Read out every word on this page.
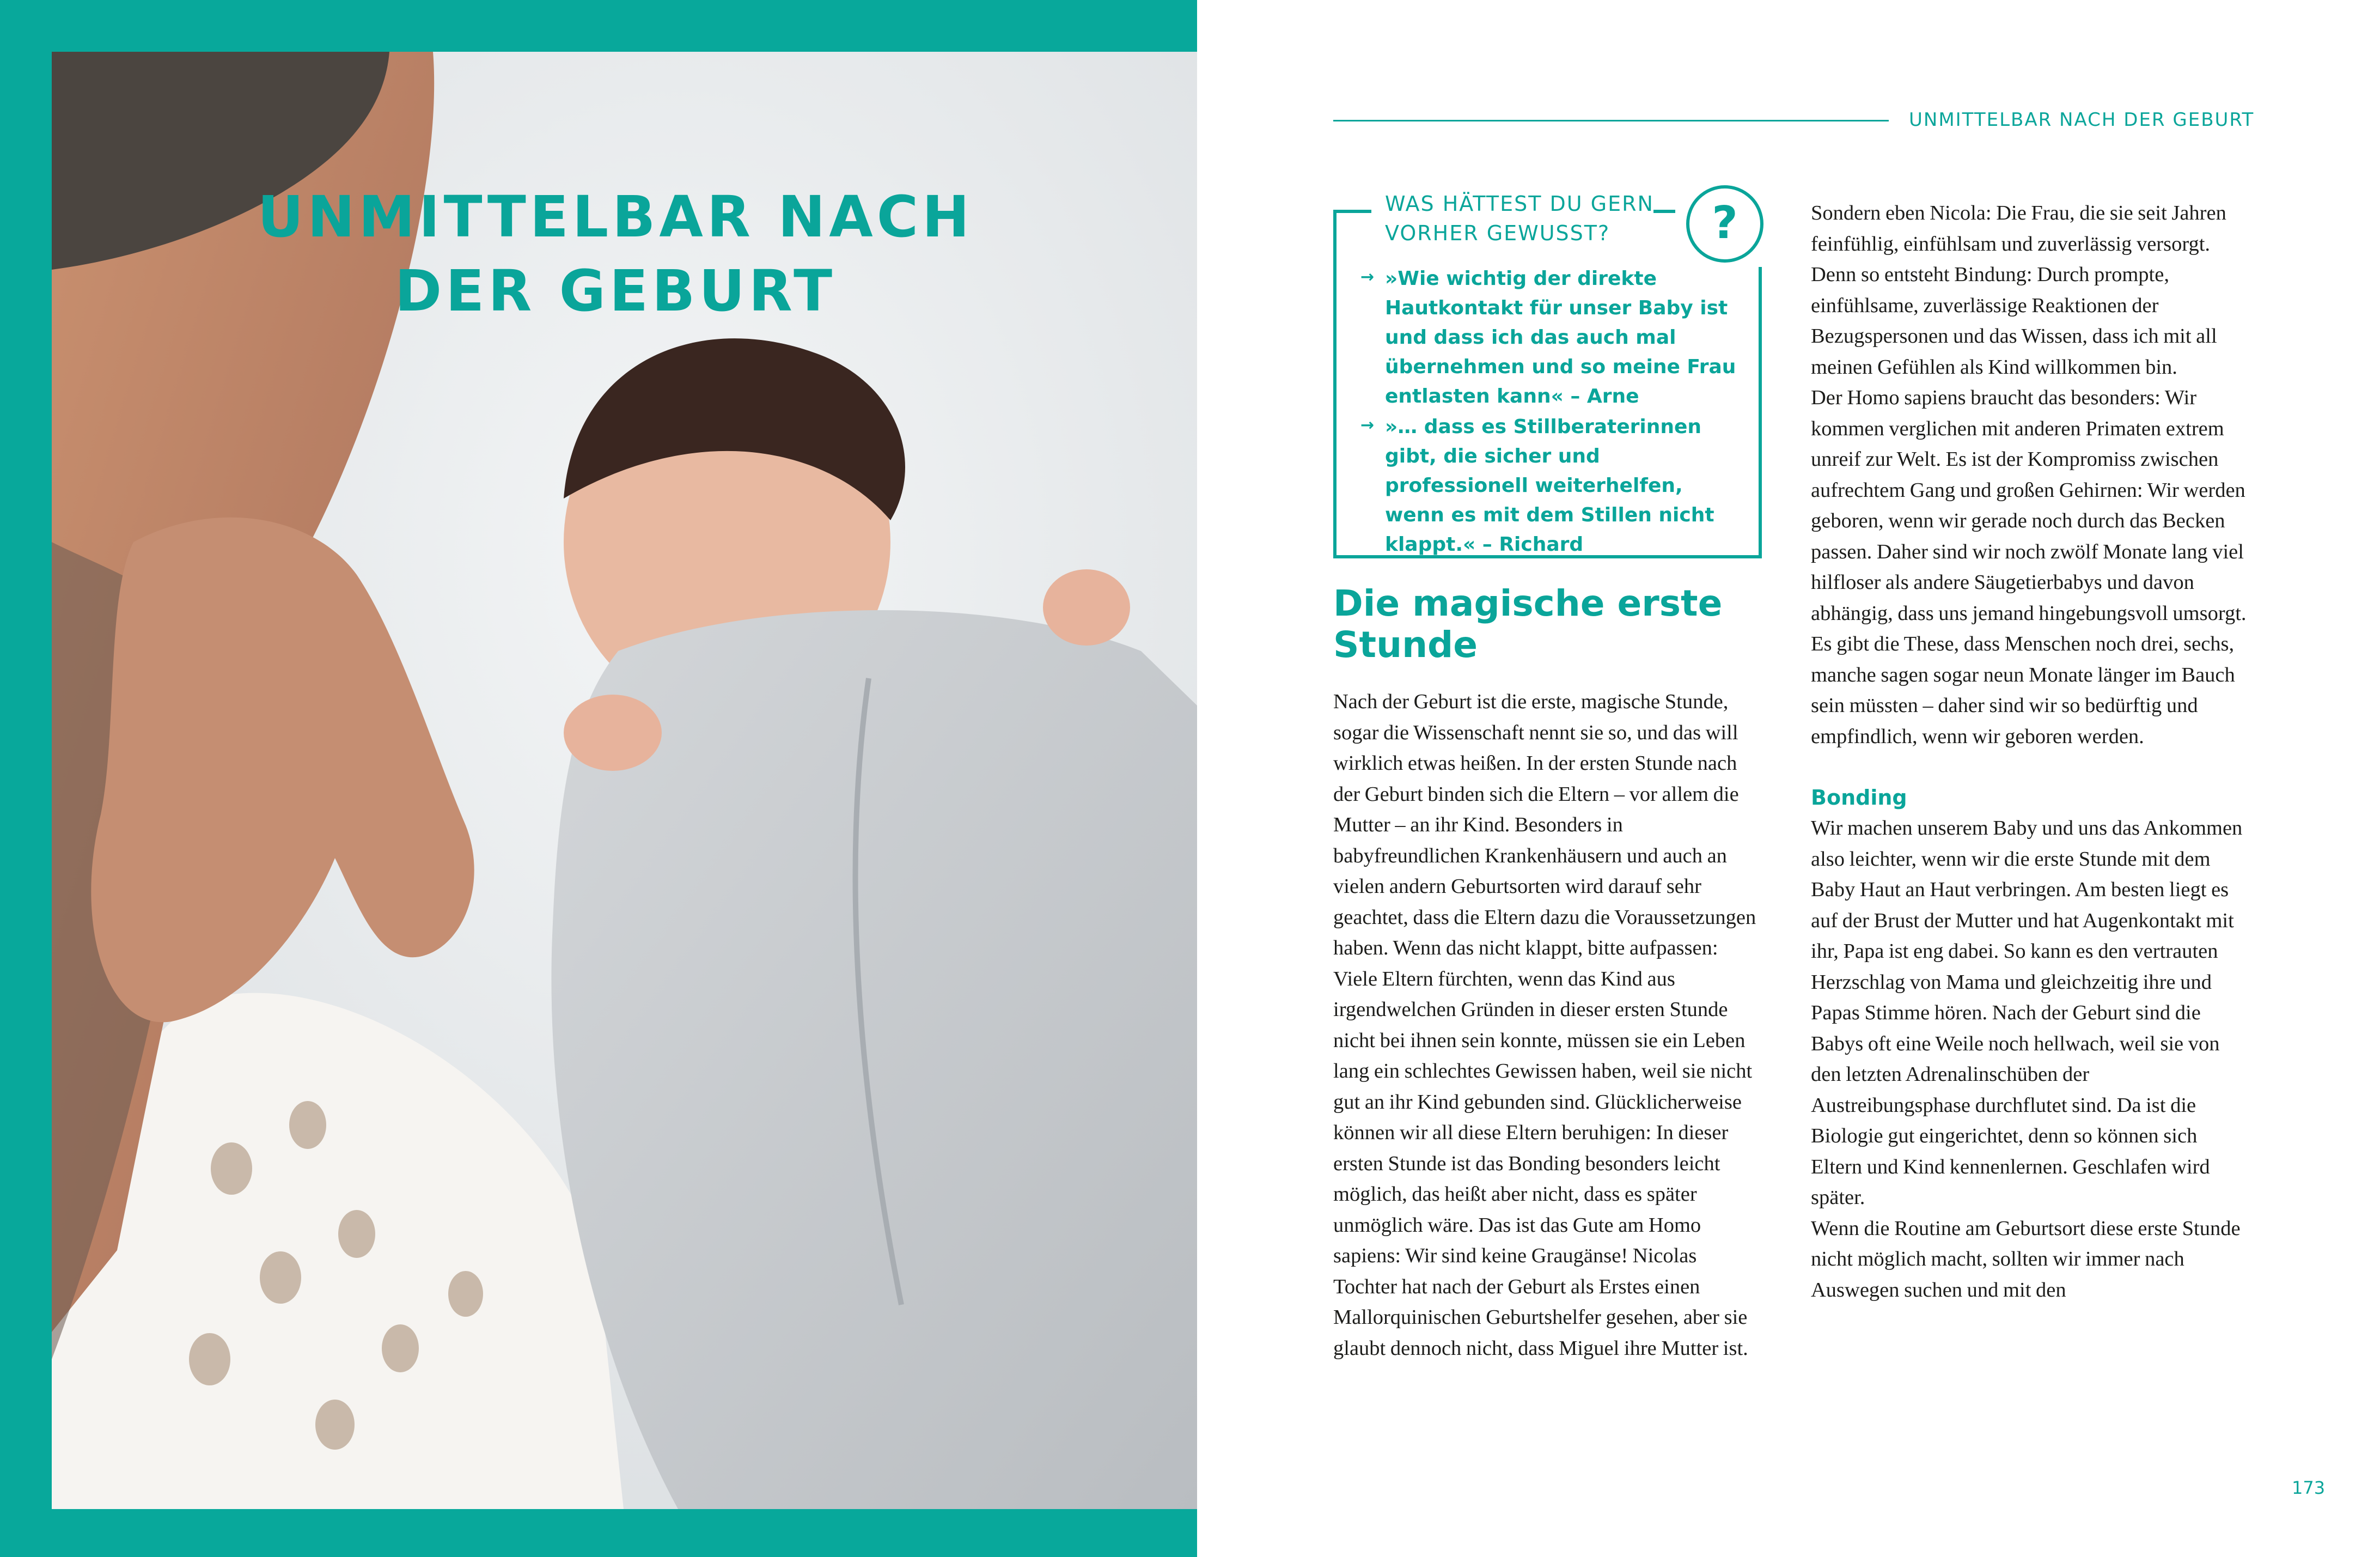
UNMITTELBAR NACH
DER GEBURT
UNMITTELBAR NACH DER GEBURT
WAS HÄTTEST DU GERN VORHER GEWUSST?	?
→ »Wie wichtig der direkte Hautkontakt für unser Baby ist und dass ich das auch mal übernehmen und so meine Frau entlasten kann« – Arne
→ »… dass es Stillberaterinnen gibt, die sicher und professionell weiterhelfen, wenn es mit dem Stillen nicht klappt.« – Richard
Die magische erste Stunde

Nach der Geburt ist die erste, magische Stunde, sogar die Wissenschaft nennt sie so, und das will wirklich etwas heißen. In der ersten Stunde nach der Geburt binden sich die Eltern – vor allem die Mutter – an ihr Kind. Besonders in babyfreundlichen Krankenhäusern und auch an vielen andern Geburtsorten wird darauf sehr geachtet, dass die Eltern dazu die Voraussetzungen haben. Wenn das nicht klappt, bitte aufpassen: Viele Eltern fürchten, wenn das Kind aus irgendwelchen Gründen in dieser ersten Stunde nicht bei ihnen sein konnte, müssen sie ein Leben lang ein schlechtes Gewissen haben, weil sie nicht gut an ihr Kind gebunden sind. Glücklicherweise können wir all diese Eltern beruhigen: In dieser ersten Stunde ist das Bonding besonders leicht möglich, das heißt aber nicht, dass es später unmöglich wäre. Das ist das Gute am Homo sapiens: Wir sind keine Graugänse! Nicolas Tochter hat nach der Geburt als Erstes einen Mallorquinischen Geburtshelfer gesehen, aber sie glaubt dennoch nicht, dass Miguel ihre Mutter ist.

Sondern eben Nicola: Die Frau, die sie seit Jahren feinfühlig, einfühlsam und zuverlässig versorgt. Denn so entsteht Bindung: Durch prompte, einfühlsame, zuverlässige Reaktionen der Bezugspersonen und das Wissen, dass ich mit all meinen Gefühlen als Kind willkommen bin.

Der Homo sapiens braucht das besonders: Wir kommen verglichen mit anderen Primaten extrem unreif zur Welt. Es ist der Kompromiss zwischen aufrechtem Gang und großen Gehirnen: Wir werden geboren, wenn wir gerade noch durch das Becken passen. Daher sind wir noch zwölf Monate lang viel hilfloser als andere Säugetierbabys und davon abhängig, dass uns jemand hingebungsvoll umsorgt. Es gibt die These, dass Menschen noch drei, sechs, manche sagen sogar neun Monate länger im Bauch sein müssten – daher sind wir so bedürftig und empfindlich, wenn wir geboren werden.

Bonding

Wir machen unserem Baby und uns das Ankommen also leichter, wenn wir die erste Stunde mit dem Baby Haut an Haut verbringen. Am besten liegt es auf der Brust der Mutter und hat Augenkontakt mit ihr, Papa ist eng dabei. So kann es den vertrauten Herzschlag von Mama und gleichzeitig ihre und Papas Stimme hören. Nach der Geburt sind die Babys oft eine Weile noch hellwach, weil sie von den letzten Adrenalinschüben der Austreibungsphase durchflutet sind. Da ist die Biologie gut eingerichtet, denn so können sich Eltern und Kind kennenlernen. Geschlafen wird später.

Wenn die Routine am Geburtsort diese erste Stunde nicht möglich macht, sollten wir immer nach Auswegen suchen und mit den

173
